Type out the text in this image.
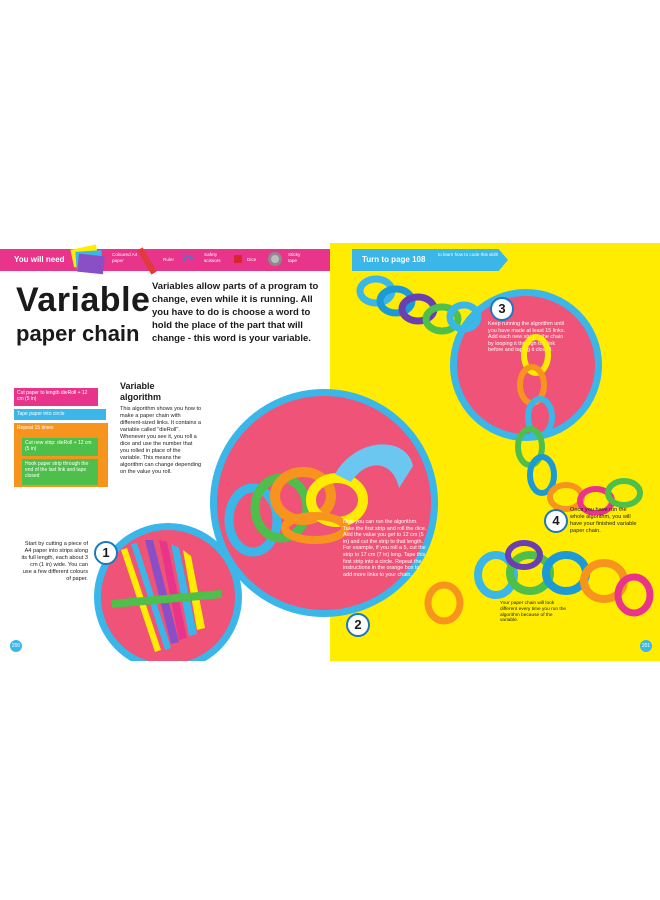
You will need
Coloured A4 paper	Ruler ✂	Safety scissors	Dice
Sticky tape
Variable
paper chain
Cut paper to length dieRoll + 12 cm (5 in)
Tape paper into circle
Repeat 15 times
Cut new strip: dieRoll + 12 cm (5 in)
Hook paper strip through the end of the last link and tape closed
Variable
algorithm
This algorithm shows you how to make a paper chain with different-sized links. It contains a variable called "dieRoll". Whenever you see it, you roll a dice and use the number that you rolled in place of the variable. This means the algorithm can change depending on the value you roll.
Start by cutting a piece of A4 paper into strips along its full length, each about 3 cm (1 in) wide. You can use a few different colours of paper.
200
Turn to page 108
to learn how to code this skill!
Variables allow parts of a program to change, even while it is running. All you have to do is choose a word to hold the place of the part that will change - this word is your variable.
1
Now you can run the algorithm. Take the first strip and roll the dice. Add the value you get to 12 cm (5 in) and cut the strip to that length. For example, if you roll a 5, cut the strip to 17 cm (7 in) long. Tape this first strip into a circle. Repeat the instructions in the orange box to add more links to your chain.
2
Keep running the algorithm until you have made at least 15 links. Add each new strip to the chain by looping it through the link before and taping it closed.
3
4
Once you have run the whole algorithm, you will have your finished variable paper chain.
Your paper chain will look different every time you run the algorithm because of the variable.
201
